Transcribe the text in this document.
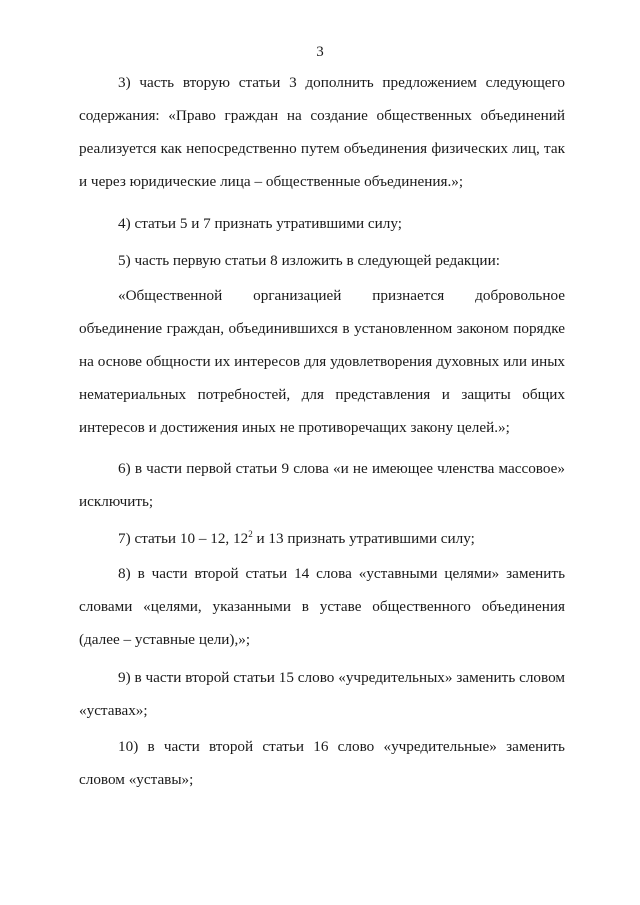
3

3) часть вторую статьи 3 дополнить предложением следующего содержания: «Право граждан на создание общественных объединений реализуется как непосредственно путем объединения физических лиц, так и через юридические лица – общественные объединения.»;

4) статьи 5 и 7 признать утратившими силу;

5) часть первую статьи 8 изложить в следующей редакции:

«Общественной организацией признается добровольное объединение граждан, объединившихся в установленном законом порядке на основе общности их интересов для удовлетворения духовных или иных нематериальных потребностей, для представления и защиты общих интересов и достижения иных не противоречащих закону целей.»;

6) в части первой статьи 9 слова «и не имеющее членства массовое» исключить;

7) статьи 10 – 12, $12^2$ и 13 признать утратившими силу;

8) в части второй статьи 14 слова «уставными целями» заменить словами «целями, указанными в уставе общественного объединения (далее – уставные цели),»;

9) в части второй статьи 15 слово «учредительных» заменить словом «уставах»;

10) в части второй статьи 16 слово «учредительные» заменить словом «уставы»;
